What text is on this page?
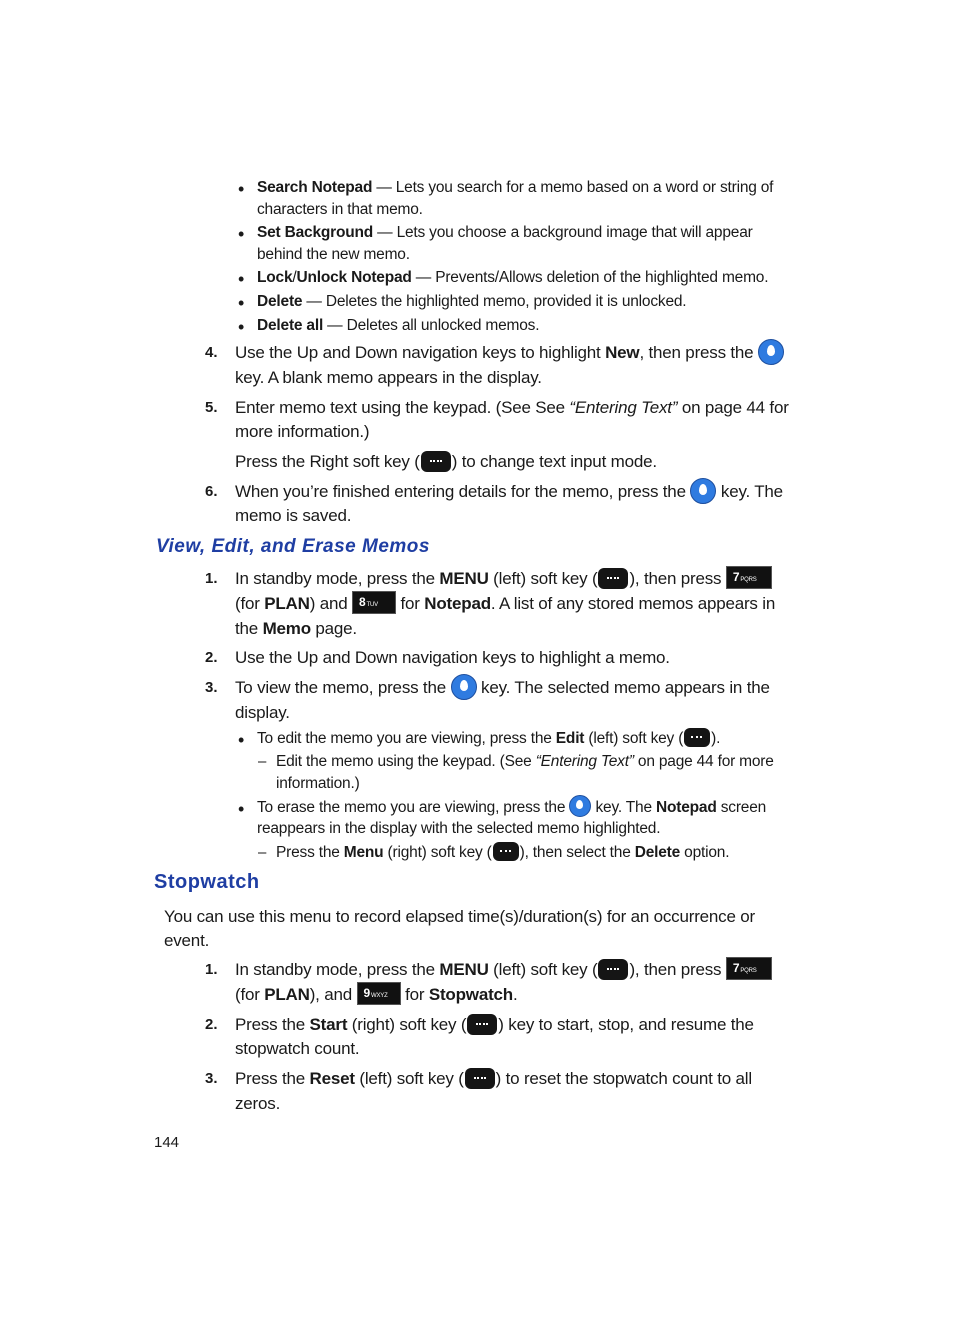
• Search Notepad — Lets you search for a memo based on a word or string of
characters in that memo.
• Set Background — Lets you choose a background image that will appear
behind the new memo.
• Lock/Unlock Notepad — Prevents/Allows deletion of the highlighted memo.
• Delete — Deletes the highlighted memo, provided it is unlocked.
• Delete all — Deletes all unlocked memos.
4. Use the Up and Down navigation keys to highlight New, then press the
key. A blank memo appears in the display.
5. Enter memo text using the keypad. (See See “Entering Text” on page 44 for
more information.)
Press the Right soft key ( ) to change text input mode.
6. When you’re finished entering details for the memo, press the key. The
memo is saved.
View, Edit, and Erase Memos
1. In standby mode, press the MENU (left) soft key ( ), then press 7PQRS
(for PLAN) and 8TUV for Notepad. A list of any stored memos appears in
the Memo page.
2. Use the Up and Down navigation keys to highlight a memo.
3. To view the memo, press the key. The selected memo appears in the
display.
• To edit the memo you are viewing, press the Edit (left) soft key ( ).
– Edit the memo using the keypad. (See “Entering Text” on page 44 for more
information.)
• To erase the memo you are viewing, press the key. The Notepad screen
reappears in the display with the selected memo highlighted.
– Press the Menu (right) soft key ( ), then select the Delete option.
Stopwatch
You can use this menu to record elapsed time(s)/duration(s) for an occurrence or
event.
1. In standby mode, press the MENU (left) soft key ( ), then press 7PQRS
(for PLAN), and 9WXYZ for Stopwatch.
2. Press the Start (right) soft key ( ) key to start, stop, and resume the
stopwatch count.
3. Press the Reset (left) soft key ( ) to reset the stopwatch count to all
zeros.
144
